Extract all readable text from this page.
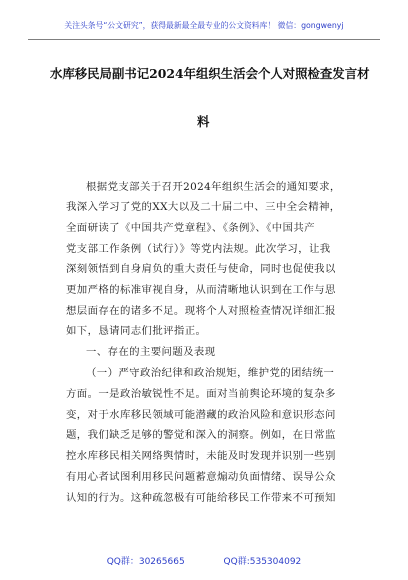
关注头条号“公文研究”，获得最新最全最专业的公文资料库！ 微信：gongwenyj
水库移民局副书记2024年组织生活会个人对照检查发言材
料
根据党支部关于召开2024年组织生活会的通知要求，
我深入学习了党的XX大以及二十届二中、三中全会精神，
全面研读了《中国共产党章程》、《条例》、《中国共产
党支部工作条例（试行）》等党内法规。此次学习，让我
深刻领悟到自身肩负的重大责任与使命，同时也促使我以
更加严格的标准审视自身，从而清晰地认识到在工作与思
想层面存在的诸多不足。现将个人对照检查情况详细汇报
如下，恳请同志们批评指正。
一、存在的主要问题及表现
（一）严守政治纪律和政治规矩，维护党的团结统一
方面。一是政治敏锐性不足。面对当前舆论环境的复杂多
变，对于水库移民领域可能潜藏的政治风险和意识形态问
题，我们缺乏足够的警觉和深入的洞察。例如，在日常监
控水库移民相关网络舆情时，未能及时发现并识别一些别
有用心者试图利用移民问题蓄意煽动负面情绪、误导公众
认知的行为。这种疏忽极有可能给移民工作带来不可预知
QQ群：30265665	QQ群:535304092
